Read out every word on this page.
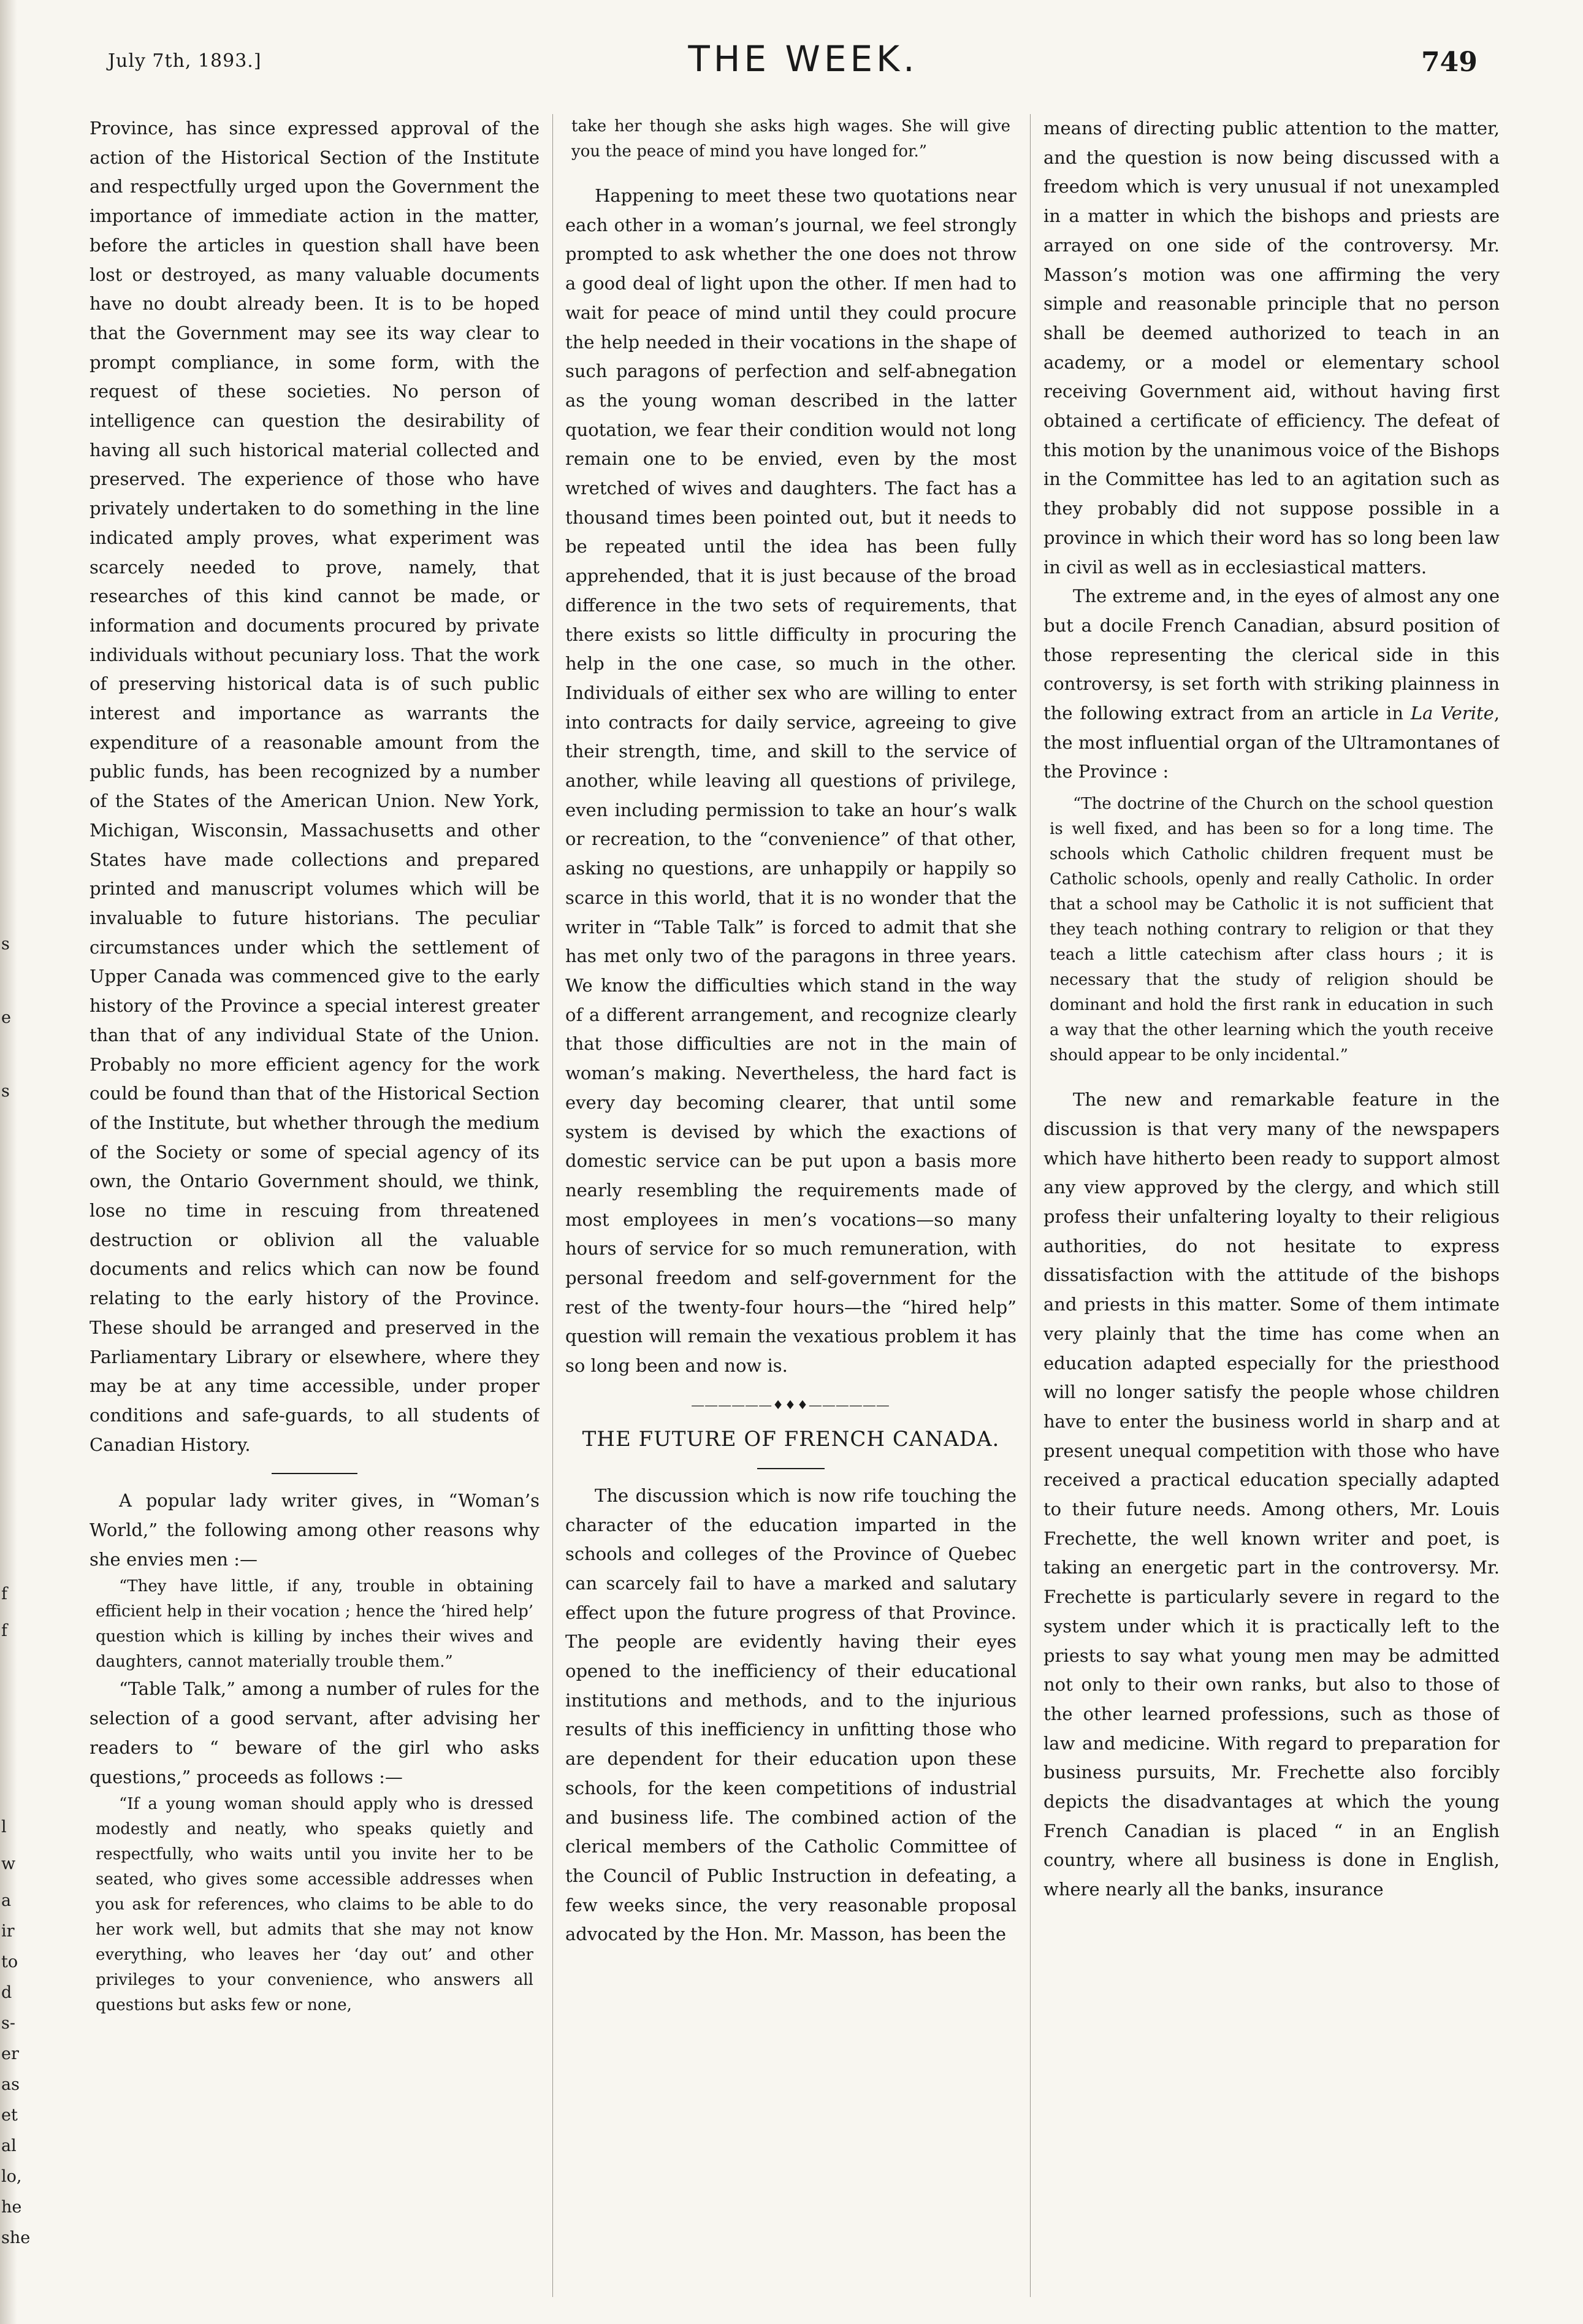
s
e
s
f
f
l
w
a
ir
to
d
s-
er
as
et
al
lo,
he
she
July 7th, 1893.]	THE WEEK.	749

Province, has since expressed approval of the action of the Historical Section of the Institute and respectfully urged upon the Government the importance of immediate action in the matter, before the articles in question shall have been lost or destroyed, as many valuable documents have no doubt already been. It is to be hoped that the Government may see its way clear to prompt compliance, in some form, with the request of these societies. No person of intelligence can question the desirability of having all such historical material collected and preserved. The experience of those who have privately undertaken to do something in the line indicated amply proves, what experiment was scarcely needed to prove, namely, that researches of this kind cannot be made, or information and documents procured by private individuals without pecuniary loss. That the work of preserving historical data is of such public interest and importance as warrants the expenditure of a reasonable amount from the public funds, has been recognized by a number of the States of the American Union. New York, Michigan, Wisconsin, Massachusetts and other States have made collections and prepared printed and manuscript volumes which will be invaluable to future historians. The peculiar circumstances under which the settlement of Upper Canada was commenced give to the early history of the Province a special interest greater than that of any individual State of the Union. Probably no more efficient agency for the work could be found than that of the Historical Section of the Institute, but whether through the medium of the Society or some of special agency of its own, the Ontario Government should, we think, lose no time in rescuing from threatened destruction or oblivion all the valuable documents and relics which can now be found relating to the early history of the Province. These should be arranged and preserved in the Parliamentary Library or elsewhere, where they may be at any time accessible, under proper conditions and safe-guards, to all students of Canadian History.

A popular lady writer gives, in “Woman’s World,” the following among other reasons why she envies men :—

“They have little, if any, trouble in obtaining efficient help in their vocation ; hence the ‘hired help’ question which is killing by inches their wives and daughters, cannot materially trouble them.”

“Table Talk,” among a number of rules for the selection of a good servant, after advising her readers to “ beware of the girl who asks questions,” proceeds as follows :—

“If a young woman should apply who is dressed modestly and neatly, who speaks quietly and respectfully, who waits until you invite her to be seated, who gives some accessible addresses when you ask for references, who claims to be able to do her work well, but admits that she may not know everything, who leaves her ‘day out’ and other privileges to your convenience, who answers all questions but asks few or none,

take her though she asks high wages. She will give you the peace of mind you have longed for.”

Happening to meet these two quotations near each other in a woman’s journal, we feel strongly prompted to ask whether the one does not throw a good deal of light upon the other. If men had to wait for peace of mind until they could procure the help needed in their vocations in the shape of such paragons of perfection and self-abnegation as the young woman described in the latter quotation, we fear their condition would not long remain one to be envied, even by the most wretched of wives and daughters. The fact has a thousand times been pointed out, but it needs to be repeated until the idea has been fully apprehended, that it is just because of the broad difference in the two sets of requirements, that there exists so little difficulty in procuring the help in the one case, so much in the other. Individuals of either sex who are willing to enter into contracts for daily service, agreeing to give their strength, time, and skill to the service of another, while leaving all questions of privilege, even including permission to take an hour’s walk or recreation, to the “convenience” of that other, asking no questions, are unhappily or happily so scarce in this world, that it is no wonder that the writer in “Table Talk” is forced to admit that she has met only two of the paragons in three years. We know the difficulties which stand in the way of a different arrangement, and recognize clearly that those difficulties are not in the main of woman’s making. Nevertheless, the hard fact is every day becoming clearer, that until some system is devised by which the exactions of domestic service can be put upon a basis more nearly resembling the requirements made of most employees in men’s vocations—so many hours of service for so much remuneration, with personal freedom and self-government for the rest of the twenty-four hours—the “hired help” question will remain the vexatious problem it has so long been and now is.

――――――♦♦♦――――――
THE FUTURE OF FRENCH CANADA.

The discussion which is now rife touching the character of the education imparted in the schools and colleges of the Province of Quebec can scarcely fail to have a marked and salutary effect upon the future progress of that Province. The people are evidently having their eyes opened to the inefficiency of their educational institutions and methods, and to the injurious results of this inefficiency in unfitting those who are dependent for their education upon these schools, for the keen competitions of industrial and business life. The combined action of the clerical members of the Catholic Committee of the Council of Public Instruction in defeating, a few weeks since, the very reasonable proposal advocated by the Hon. Mr. Masson, has been the

means of directing public attention to the matter, and the question is now being discussed with a freedom which is very unusual if not unexampled in a matter in which the bishops and priests are arrayed on one side of the controversy. Mr. Masson’s motion was one affirming the very simple and reasonable principle that no person shall be deemed authorized to teach in an academy, or a model or elementary school receiving Government aid, without having first obtained a certificate of efficiency. The defeat of this motion by the unanimous voice of the Bishops in the Committee has led to an agitation such as they probably did not suppose possible in a province in which their word has so long been law in civil as well as in ecclesiastical matters.

The extreme and, in the eyes of almost any one but a docile French Canadian, absurd position of those representing the clerical side in this controversy, is set forth with striking plainness in the following extract from an article in La Verite, the most influential organ of the Ultramontanes of the Province :

“The doctrine of the Church on the school question is well fixed, and has been so for a long time. The schools which Catholic children frequent must be Catholic schools, openly and really Catholic. In order that a school may be Catholic it is not sufficient that they teach nothing contrary to religion or that they teach a little catechism after class hours ; it is necessary that the study of religion should be dominant and hold the first rank in education in such a way that the other learning which the youth receive should appear to be only incidental.”

The new and remarkable feature in the discussion is that very many of the newspapers which have hitherto been ready to support almost any view approved by the clergy, and which still profess their unfaltering loyalty to their religious authorities, do not hesitate to express dissatisfaction with the attitude of the bishops and priests in this matter. Some of them intimate very plainly that the time has come when an education adapted especially for the priesthood will no longer satisfy the people whose children have to enter the business world in sharp and at present unequal competition with those who have received a practical education specially adapted to their future needs. Among others, Mr. Louis Frechette, the well known writer and poet, is taking an energetic part in the controversy. Mr. Frechette is particularly severe in regard to the system under which it is practically left to the priests to say what young men may be admitted not only to their own ranks, but also to those of the other learned professions, such as those of law and medicine. With regard to preparation for business pursuits, Mr. Frechette also forcibly depicts the disadvantages at which the young French Canadian is placed “ in an English country, where all business is done in English, where nearly all the banks, insurance
